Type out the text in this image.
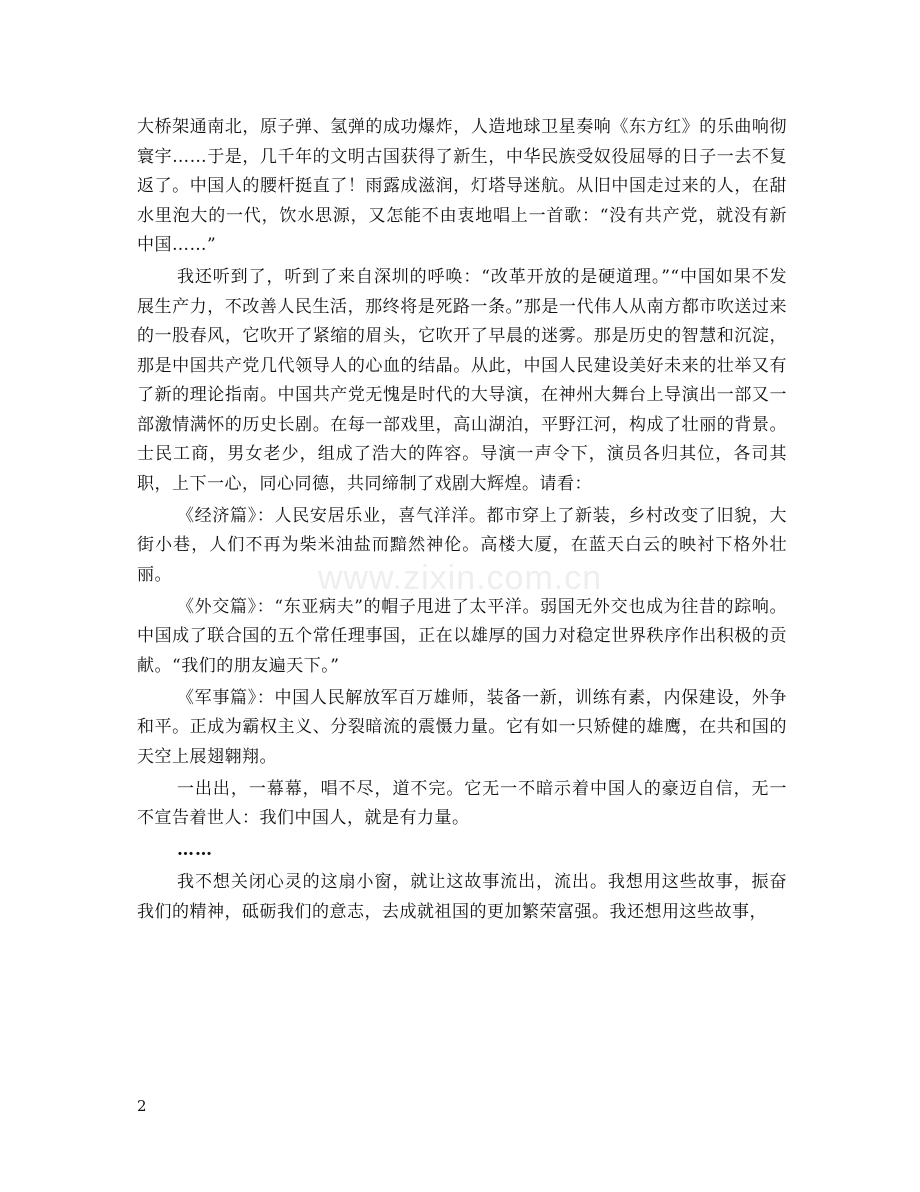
www.zixin.com.cn

大桥架通南北，原子弹、氢弹的成功爆炸，人造地球卫星奏响《东方红》的乐曲响彻寰宇……于是，几千年的文明古国获得了新生，中华民族受奴役屈辱的日子一去不复返了。中国人的腰杆挺直了！雨露成滋润，灯塔导迷航。从旧中国走过来的人，在甜水里泡大的一代，饮水思源，又怎能不由衷地唱上一首歌：“没有共产党，就没有新中国……”

我还听到了，听到了来自深圳的呼唤：“改革开放的是硬道理。”“中国如果不发展生产力，不改善人民生活，那终将是死路一条。”那是一代伟人从南方都市吹送过来的一股春风，它吹开了紧缩的眉头，它吹开了早晨的迷雾。那是历史的智慧和沉淀，那是中国共产党几代领导人的心血的结晶。从此，中国人民建设美好未来的壮举又有了新的理论指南。中国共产党无愧是时代的大导演，在神州大舞台上导演出一部又一部激情满怀的历史长剧。在每一部戏里，高山湖泊，平野江河，构成了壮丽的背景。士民工商，男女老少，组成了浩大的阵容。导演一声令下，演员各归其位，各司其职，上下一心，同心同德，共同缔制了戏剧大辉煌。请看：

《经济篇》：人民安居乐业，喜气洋洋。都市穿上了新装，乡村改变了旧貌，大街小巷，人们不再为柴米油盐而黯然神伦。高楼大厦，在蓝天白云的映衬下格外壮丽。

《外交篇》：“东亚病夫”的帽子甩进了太平洋。弱国无外交也成为往昔的踪响。中国成了联合国的五个常任理事国，正在以雄厚的国力对稳定世界秩序作出积极的贡献。“我们的朋友遍天下。”

《军事篇》：中国人民解放军百万雄师，装备一新，训练有素，内保建设，外争和平。正成为霸权主义、分裂暗流的震慑力量。它有如一只矫健的雄鹰，在共和国的天空上展翅翱翔。

一出出，一幕幕，唱不尽，道不完。它无一不暗示着中国人的豪迈自信，无一不宣告着世人：我们中国人，就是有力量。

……

我不想关闭心灵的这扇小窗，就让这故事流出，流出。我想用这些故事，振奋我们的精神，砥砺我们的意志，去成就祖国的更加繁荣富强。我还想用这些故事，

2
